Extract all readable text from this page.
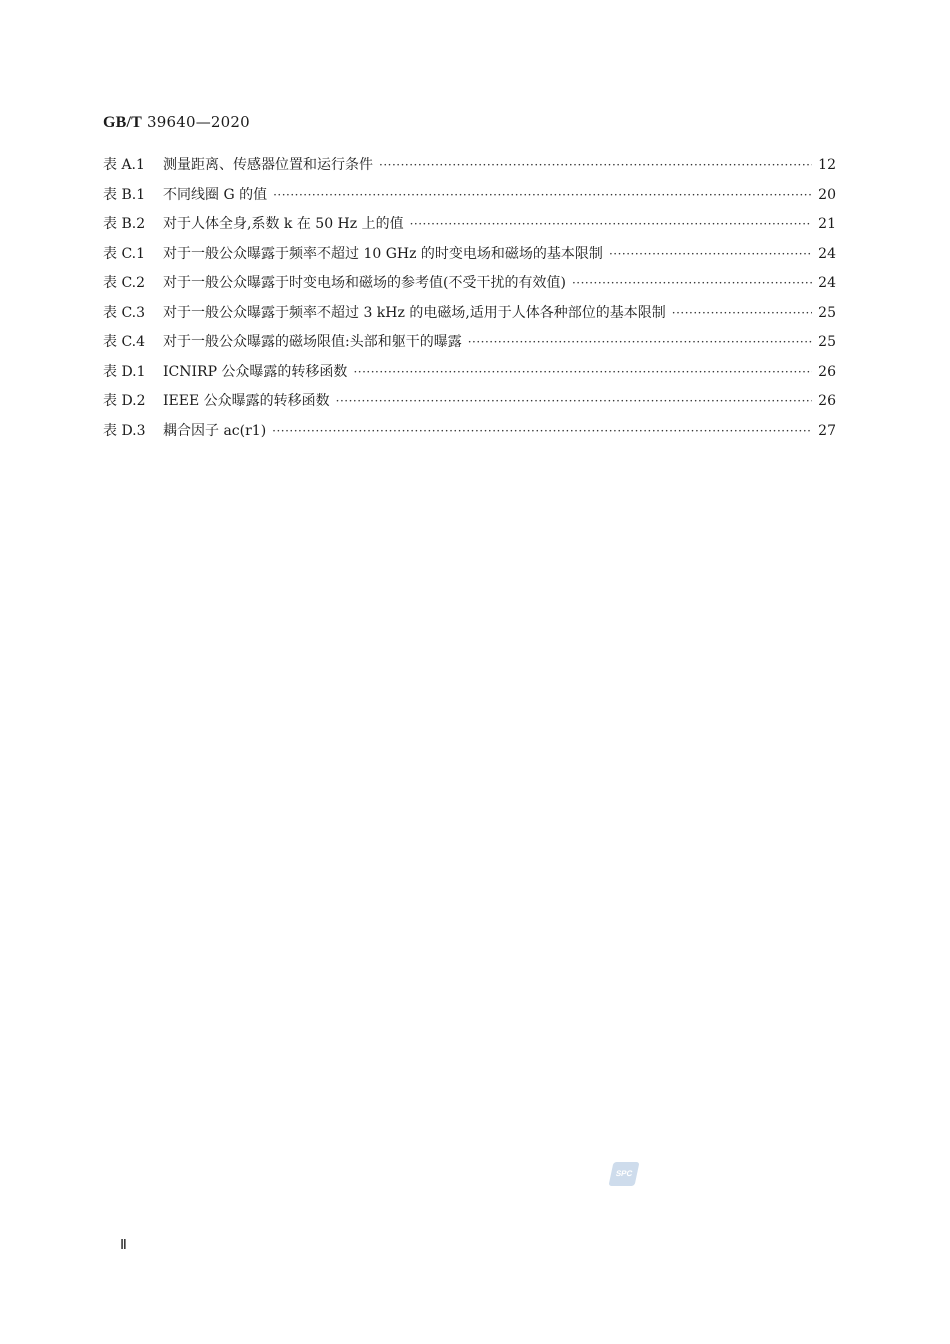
GB/T 39640—2020
表 A.1	测量距离、传感器位置和运行条件 ·····	12
表 B.1	不同线圈 G 的值 ·····	20
表 B.2	对于人体全身,系数 k 在 50 Hz 上的值 ·····	21
表 C.1	对于一般公众曝露于频率不超过 10 GHz 的时变电场和磁场的基本限制 ·····	24
表 C.2	对于一般公众曝露于时变电场和磁场的参考值(不受干扰的有效值) ·····	24
表 C.3	对于一般公众曝露于频率不超过 3 kHz 的电磁场,适用于人体各种部位的基本限制 ·····	25
表 C.4	对于一般公众曝露的磁场限值:头部和躯干的曝露 ·····	25
表 D.1	ICNIRP 公众曝露的转移函数 ·····	26
表 D.2	IEEE 公众曝露的转移函数 ·····	26
表 D.3	耦合因子 ac(r1) ·····	27
SPC
Ⅱ
